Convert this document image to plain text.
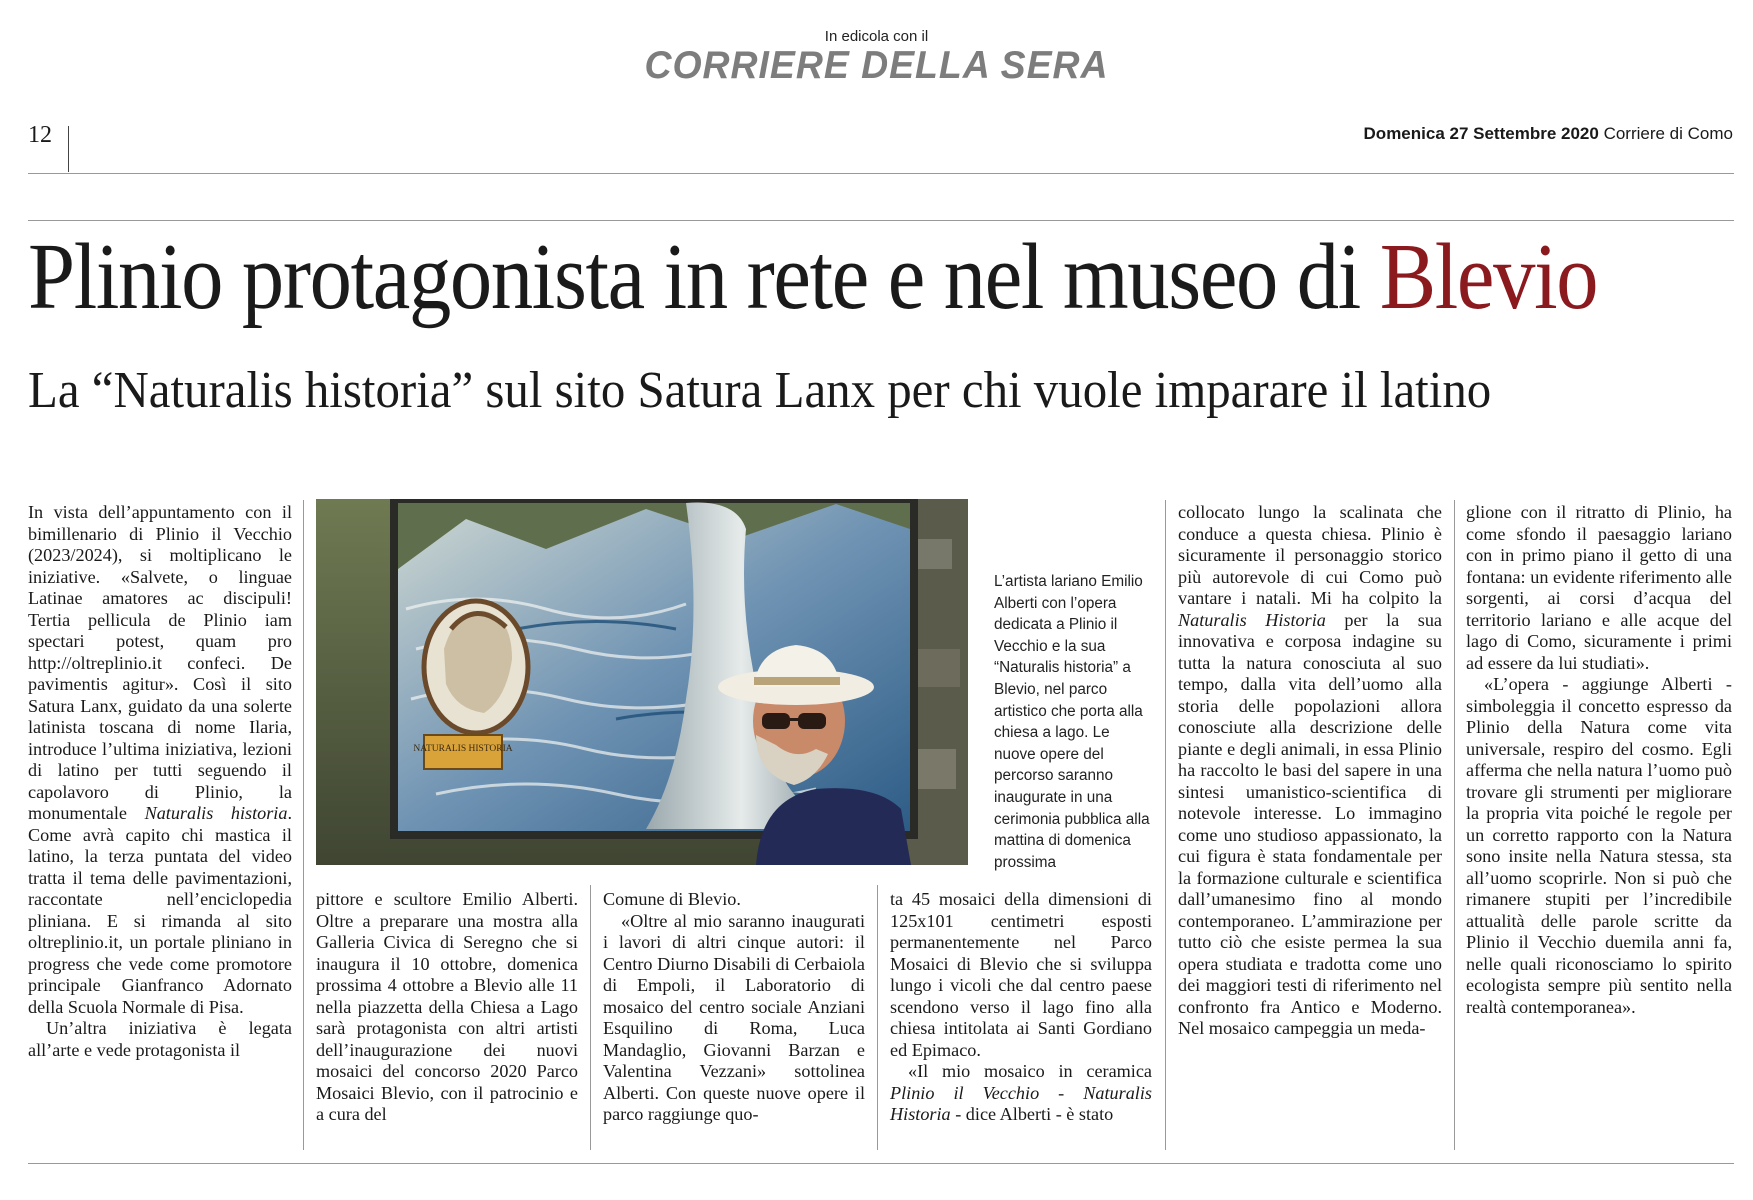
In edicola con il
CORRIERE DELLA SERA
12	Domenica 27 Settembre 2020 Corriere di Como
Plinio protagonista in rete e nel museo di Blevio
La “Naturalis historia” sul sito Satura Lanx per chi vuole imparare il latino

In vista dell’appuntamento con il bimillenario di Plinio il Vecchio (2023/2024), si moltiplicano le iniziative. «Salvete, o linguae Latinae amatores ac discipuli! Tertia pellicula de Plinio iam spectari potest, quam pro http://oltreplinio.it confeci. De pavimentis agitur». Così il sito Satura Lanx, guidato da una solerte latinista toscana di nome Ilaria, introduce l’ultima iniziativa, lezioni di latino per tutti seguendo il capolavoro di Plinio, la monumentale Naturalis historia. Come avrà capito chi mastica il latino, la terza puntata del video tratta il tema delle pavimentazioni, raccontate nell’enciclopedia pliniana. E si rimanda al sito oltreplinio.it, un portale pliniano in progress che vede come promotore principale Gianfranco Adornato della Scuola Normale di Pisa.

Un’altra iniziativa è legata all’arte e vede protagonista il

NATURALIS HISTORIA
L’artista lariano Emilio Alberti con l’opera dedicata a Plinio il Vecchio e la sua “Naturalis historia” a Blevio, nel parco artistico che porta alla chiesa a lago. Le nuove opere del percorso saranno inaugurate in una cerimonia pubblica alla mattina di domenica prossima

pittore e scultore Emilio Alberti. Oltre a preparare una mostra alla Galleria Civica di Seregno che si inaugura il 10 ottobre, domenica prossima 4 ottobre a Blevio alle 11 nella piazzetta della Chiesa a Lago sarà protagonista con altri artisti dell’inaugurazione dei nuovi mosaici del concorso 2020 Parco Mosaici Blevio, con il patrocinio e a cura del

Comune di Blevio.

«Oltre al mio saranno inaugurati i lavori di altri cinque autori: il Centro Diurno Disabili di Cerbaiola di Empoli, il Laboratorio di mosaico del centro sociale Anziani Esquilino di Roma, Luca Mandaglio, Giovanni Barzan e Valentina Vezzani» sottolinea Alberti. Con queste nuove opere il parco raggiunge quo-

ta 45 mosaici della dimensioni di 125x101 centimetri esposti permanentemente nel Parco Mosaici di Blevio che si sviluppa lungo i vicoli che dal centro paese scendono verso il lago fino alla chiesa intitolata ai Santi Gordiano ed Epimaco.

«Il mio mosaico in ceramica Plinio il Vecchio - Naturalis Historia - dice Alberti - è stato

collocato lungo la scalinata che conduce a questa chiesa. Plinio è sicuramente il personaggio storico più autorevole di cui Como può vantare i natali. Mi ha colpito la Naturalis Historia per la sua innovativa e corposa indagine su tutta la natura conosciuta al suo tempo, dalla vita dell’uomo alla storia delle popolazioni allora conosciute alla descrizione delle piante e degli animali, in essa Plinio ha raccolto le basi del sapere in una sintesi umanistico-scientifica di notevole interesse. Lo immagino come uno studioso appassionato, la cui figura è stata fondamentale per la formazione culturale e scientifica dall’umanesimo fino al mondo contemporaneo. L’ammirazione per tutto ciò che esiste permea la sua opera studiata e tradotta come uno dei maggiori testi di riferimento nel confronto fra Antico e Moderno. Nel mosaico campeggia un meda-

glione con il ritratto di Plinio, ha come sfondo il paesaggio lariano con in primo piano il getto di una fontana: un evidente riferimento alle sorgenti, ai corsi d’acqua del territorio lariano e alle acque del lago di Como, sicuramente i primi ad essere da lui studiati».

«L’opera - aggiunge Alberti - simboleggia il concetto espresso da Plinio della Natura come vita universale, respiro del cosmo. Egli afferma che nella natura l’uomo può trovare gli strumenti per migliorare la propria vita poiché le regole per un corretto rapporto con la Natura sono insite nella Natura stessa, sta all’uomo scoprirle. Non si può che rimanere stupiti per l’incredibile attualità delle parole scritte da Plinio il Vecchio duemila anni fa, nelle quali riconosciamo lo spirito ecologista sempre più sentito nella realtà contemporanea».
